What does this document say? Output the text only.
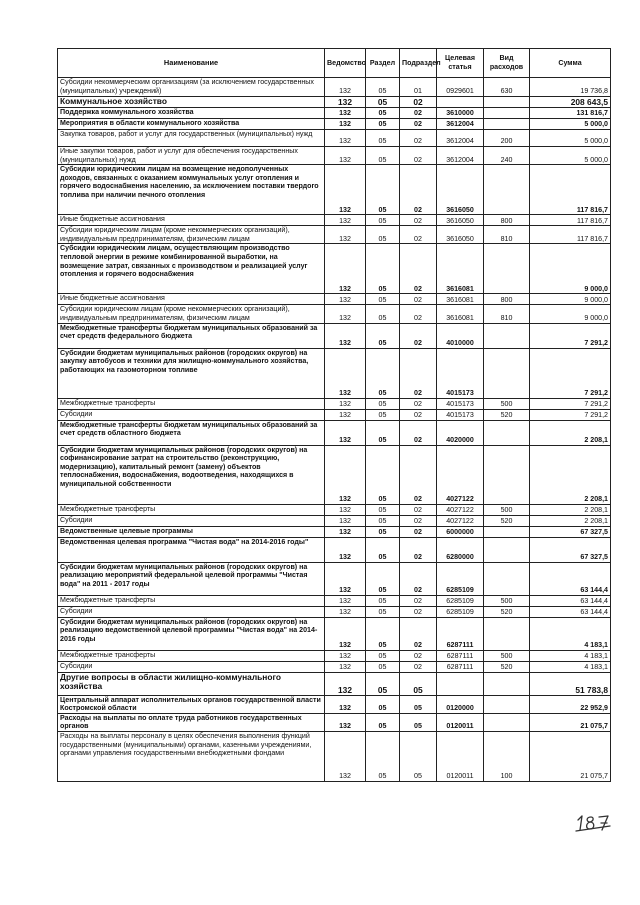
Наименование	Ведомство	Раздел	Подраздел	Целевая статья	Вид расходов	Сумма
Субсидии некоммерческим организациям (за исключением государственных (муниципальных) учреждений)	132	05	01	0929601	630	19 736,8
Коммунальное хозяйство	132	05	02			208 643,5
Поддержка коммунального хозяйства	132	05	02	3610000		131 816,7
Мероприятия в области коммунального хозяйства	132	05	02	3612004		5 000,0
Закупка товаров, работ и услуг для государственных (муниципальных) нужд	132	05	02	3612004	200	5 000,0
Иные закупки товаров, работ и услуг для обеспечения государственных (муниципальных) нужд	132	05	02	3612004	240	5 000,0
Субсидии юридическим лицам на возмещение недополученных доходов, связанных с оказанием коммунальных услуг отопления и горячего водоснабжения населению, за исключением поставки твердого топлива при наличии печного отопления	132	05	02	3616050		117 816,7
Иные бюджетные ассигнования	132	05	02	3616050	800	117 816,7
Субсидии юридическим лицам (кроме некоммерческих организаций), индивидуальным предпринимателям, физическим лицам	132	05	02	3616050	810	117 816,7
Субсидии юридическим лицам, осуществляющим производство тепловой энергии в режиме комбинированной выработки, на возмещение затрат, связанных с производством и реализацией услуг отопления и горячего водоснабжения	132	05	02	3616081		9 000,0
Иные бюджетные ассигнования	132	05	02	3616081	800	9 000,0
Субсидии юридическим лицам (кроме некоммерческих организаций), индивидуальным предпринимателям, физическим лицам	132	05	02	3616081	810	9 000,0
Межбюджетные трансферты бюджетам муниципальных образований за счет средств федерального бюджета	132	05	02	4010000		7 291,2
Субсидии бюджетам муниципальных районов (городских округов) на закупку автобусов и техники для жилищно-коммунального хозяйства, работающих на газомоторном топливе	132	05	02	4015173		7 291,2
Межбюджетные трансферты	132	05	02	4015173	500	7 291,2
Субсидии	132	05	02	4015173	520	7 291,2
Межбюджетные трансферты бюджетам муниципальных образований за счет средств областного бюджета	132	05	02	4020000		2 208,1
Субсидии бюджетам муниципальных районов (городских округов) на софинансирование затрат на строительство (реконструкцию, модернизацию), капитальный ремонт (замену) объектов теплоснабжения, водоснабжения, водоотведения, находящихся в муниципальной собственности	132	05	02	4027122		2 208,1
Межбюджетные трансферты	132	05	02	4027122	500	2 208,1
Субсидии	132	05	02	4027122	520	2 208,1
Ведомственные целевые программы	132	05	02	6000000		67 327,5
Ведомственная целевая программа "Чистая вода" на 2014-2016 годы"	132	05	02	6280000		67 327,5
Субсидии бюджетам муниципальных районов (городских округов) на реализацию мероприятий федеральной целевой программы "Чистая вода" на 2011 - 2017 годы	132	05	02	6285109		63 144,4
Межбюджетные трансферты	132	05	02	6285109	500	63 144,4
Субсидии	132	05	02	6285109	520	63 144,4
Субсидии бюджетам муниципальных районов (городских округов) на реализацию ведомственной целевой программы "Чистая вода" на 2014-2016 годы	132	05	02	6287111		4 183,1
Межбюджетные трансферты	132	05	02	6287111	500	4 183,1
Субсидии	132	05	02	6287111	520	4 183,1
Другие вопросы в области жилищно-коммунального хозяйства	132	05	05			51 783,8
Центральный аппарат исполнительных органов государственной власти Костромской области	132	05	05	0120000		22 952,9
Расходы на выплаты по оплате труда работников государственных органов	132	05	05	0120011		21 075,7
Расходы на выплаты персоналу в целях обеспечения выполнения функций государственными (муниципальными) органами, казенными учреждениями, органами управления государственными внебюджетными фондами	132	05	05	0120011	100	21 075,7
